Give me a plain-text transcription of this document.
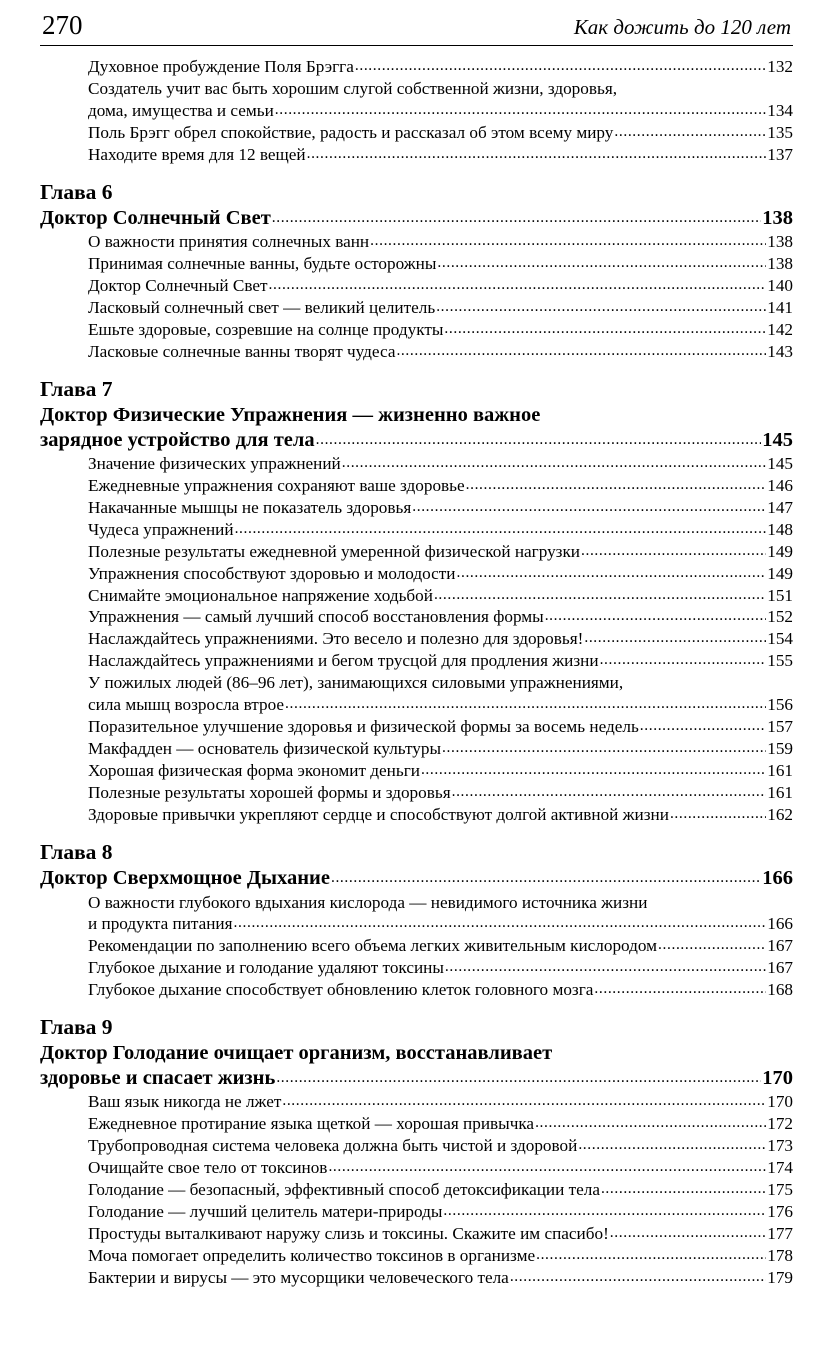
270	Как дожить до 120 лет
Духовное пробуждение Поля Брэгга .....	132
Создатель учит вас быть хорошим слугой собственной жизни, здоровья,
дома, имущества и семьи .....	134
Поль Брэгг обрел спокойствие, радость и рассказал об этом всему миру .....	135
Находите время для 12 вещей .....	137
Глава 6
Доктор Солнечный Свет .....	138
О важности принятия солнечных ванн .....	138
Принимая солнечные ванны, будьте осторожны .....	138
Доктор Солнечный Свет .....	140
Ласковый солнечный свет — великий целитель .....	141
Ешьте здоровые, созревшие на солнце продукты .....	142
Ласковые солнечные ванны творят чудеса .....	143
Глава 7
Доктор Физические Упражнения — жизненно важное
зарядное устройство для тела .....	145
Значение физических упражнений .....	145
Ежедневные упражнения сохраняют ваше здоровье .....	146
Накачанные мышцы не показатель здоровья .....	147
Чудеса упражнений .....	148
Полезные результаты ежедневной умеренной физической нагрузки .....	149
Упражнения способствуют здоровью и молодости .....	149
Снимайте эмоциональное напряжение ходьбой .....	151
Упражнения — самый лучший способ восстановления формы .....	152
Наслаждайтесь упражнениями. Это весело и полезно для здоровья! .....	154
Наслаждайтесь упражнениями и бегом трусцой для продления жизни .....	155
У пожилых людей (86–96 лет), занимающихся силовыми упражнениями,
сила мышц возросла втрое .....	156
Поразительное улучшение здоровья и физической формы за восемь недель .....	157
Макфадден — основатель физической культуры .....	159
Хорошая физическая форма экономит деньги .....	161
Полезные результаты хорошей формы и здоровья .....	161
Здоровые привычки укрепляют сердце и способствуют долгой активной жизни .....	162
Глава 8
Доктор Сверхмощное Дыхание .....	166
О важности глубокого вдыхания кислорода — невидимого источника жизни
и продукта питания .....	166
Рекомендации по заполнению всего объема легких живительным кислородом .....	167
Глубокое дыхание и голодание удаляют токсины .....	167
Глубокое дыхание способствует обновлению клеток головного мозга .....	168
Глава 9
Доктор Голодание очищает организм, восстанавливает
здоровье и спасает жизнь .....	170
Ваш язык никогда не лжет .....	170
Ежедневное протирание языка щеткой — хорошая привычка .....	172
Трубопроводная система человека должна быть чистой и здоровой .....	173
Очищайте свое тело от токсинов .....	174
Голодание — безопасный, эффективный способ детоксификации тела .....	175
Голодание — лучший целитель матери-природы .....	176
Простуды выталкивают наружу слизь и токсины. Скажите им спасибо! .....	177
Моча помогает определить количество токсинов в организме .....	178
Бактерии и вирусы — это мусорщики человеческого тела .....	179
